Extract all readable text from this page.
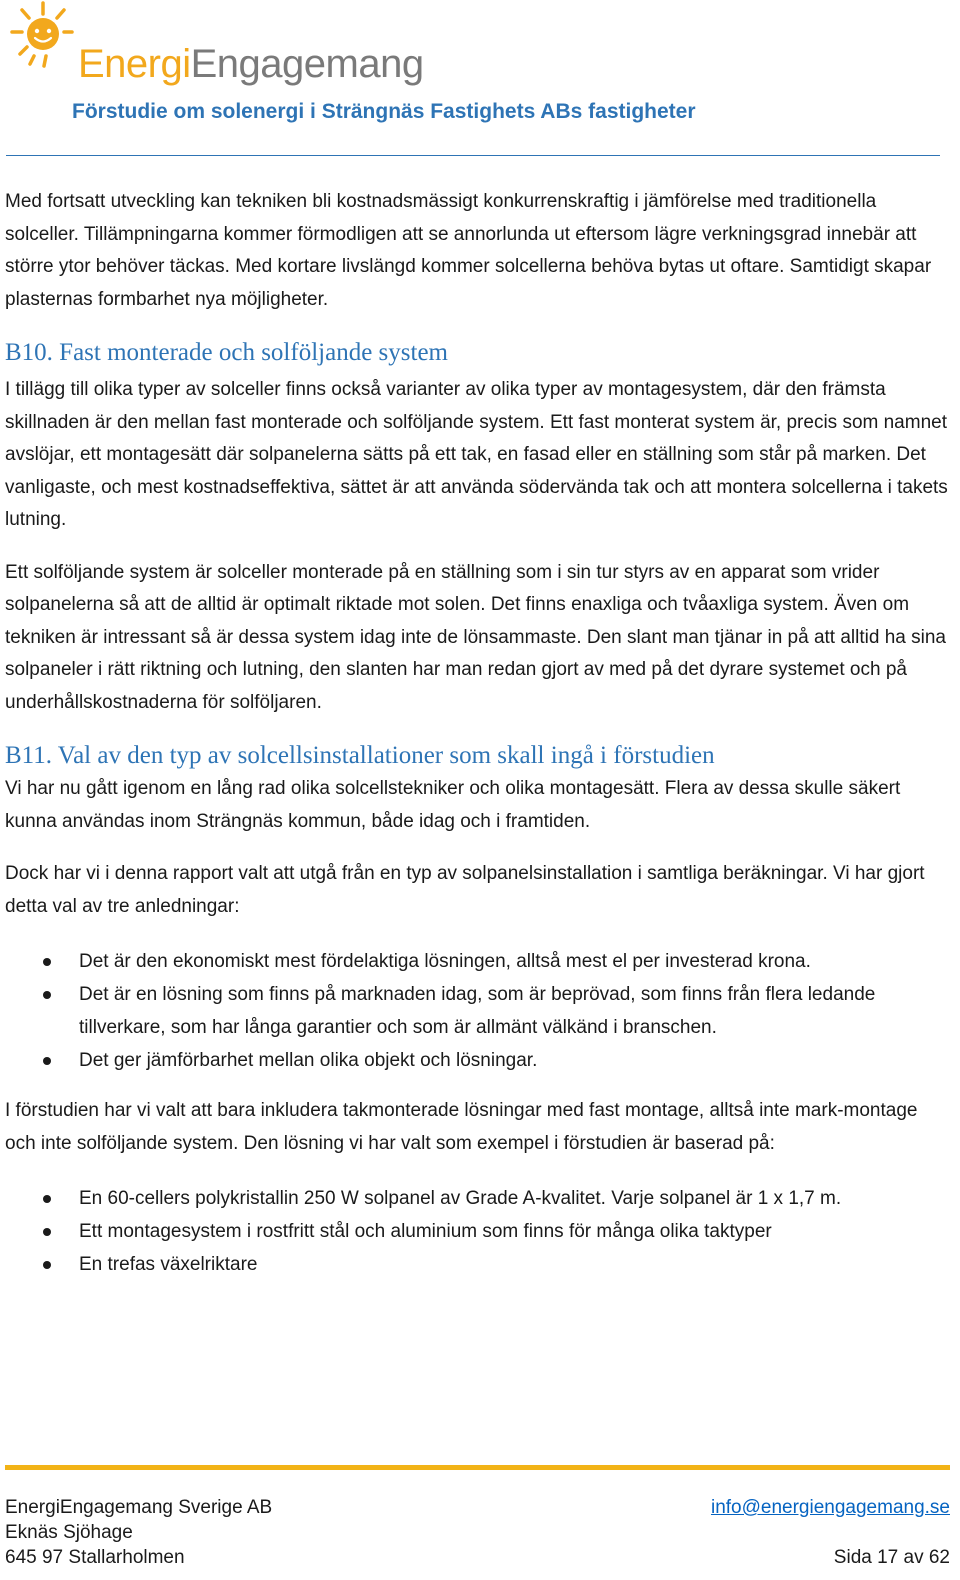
EnergiEngagemang
Förstudie om solenergi i Strängnäs Fastighets ABs fastigheter

Med fortsatt utveckling kan tekniken bli kostnadsmässigt konkurrenskraftig i jämförelse med traditionella solceller. Tillämpningarna kommer förmodligen att se annorlunda ut eftersom lägre verkningsgrad innebär att större ytor behöver täckas. Med kortare livslängd kommer solcellerna behöva bytas ut oftare. Samtidigt skapar plasternas formbarhet nya möjligheter.

B10. Fast monterade och solföljande system

I tillägg till olika typer av solceller finns också varianter av olika typer av montagesystem, där den främsta skillnaden är den mellan fast monterade och solföljande system. Ett fast monterat system är, precis som namnet avslöjar, ett montagesätt där solpanelerna sätts på ett tak, en fasad eller en ställning som står på marken. Det vanligaste, och mest kostnadseffektiva, sättet är att använda södervända tak och att montera solcellerna i takets lutning.

Ett solföljande system är solceller monterade på en ställning som i sin tur styrs av en apparat som vrider solpanelerna så att de alltid är optimalt riktade mot solen. Det finns enaxliga och tvåaxliga system. Även om tekniken är intressant så är dessa system idag inte de lönsammaste. Den slant man tjänar in på att alltid ha sina solpaneler i rätt riktning och lutning, den slanten har man redan gjort av med på det dyrare systemet och på underhållskostnaderna för solföljaren.

B11. Val av den typ av solcellsinstallationer som skall ingå i förstudien

Vi har nu gått igenom en lång rad olika solcellstekniker och olika montagesätt. Flera av dessa skulle säkert kunna användas inom Strängnäs kommun, både idag och i framtiden.

Dock har vi i denna rapport valt att utgå från en typ av solpanelsinstallation i samtliga beräkningar. Vi har gjort detta val av tre anledningar:

Det är den ekonomiskt mest fördelaktiga lösningen, alltså mest el per investerad krona.
Det är en lösning som finns på marknaden idag, som är beprövad, som finns från flera ledande tillverkare, som har långa garantier och som är allmänt välkänd i branschen.
Det ger jämförbarhet mellan olika objekt och lösningar.

I förstudien har vi valt att bara inkludera takmonterade lösningar med fast montage, alltså inte mark-montage och inte solföljande system. Den lösning vi har valt som exempel i förstudien är baserad på:

En 60-cellers polykristallin 250 W solpanel av Grade A-kvalitet. Varje solpanel är 1 x 1,7 m.
Ett montagesystem i rostfritt stål och aluminium som finns för många olika taktyper
En trefas växelriktare
EnergiEngagemang Sverige AB
Eknäs Sjöhage
645 97 Stallarholmen
info@energiengagemang.se
Sida 17 av 62
